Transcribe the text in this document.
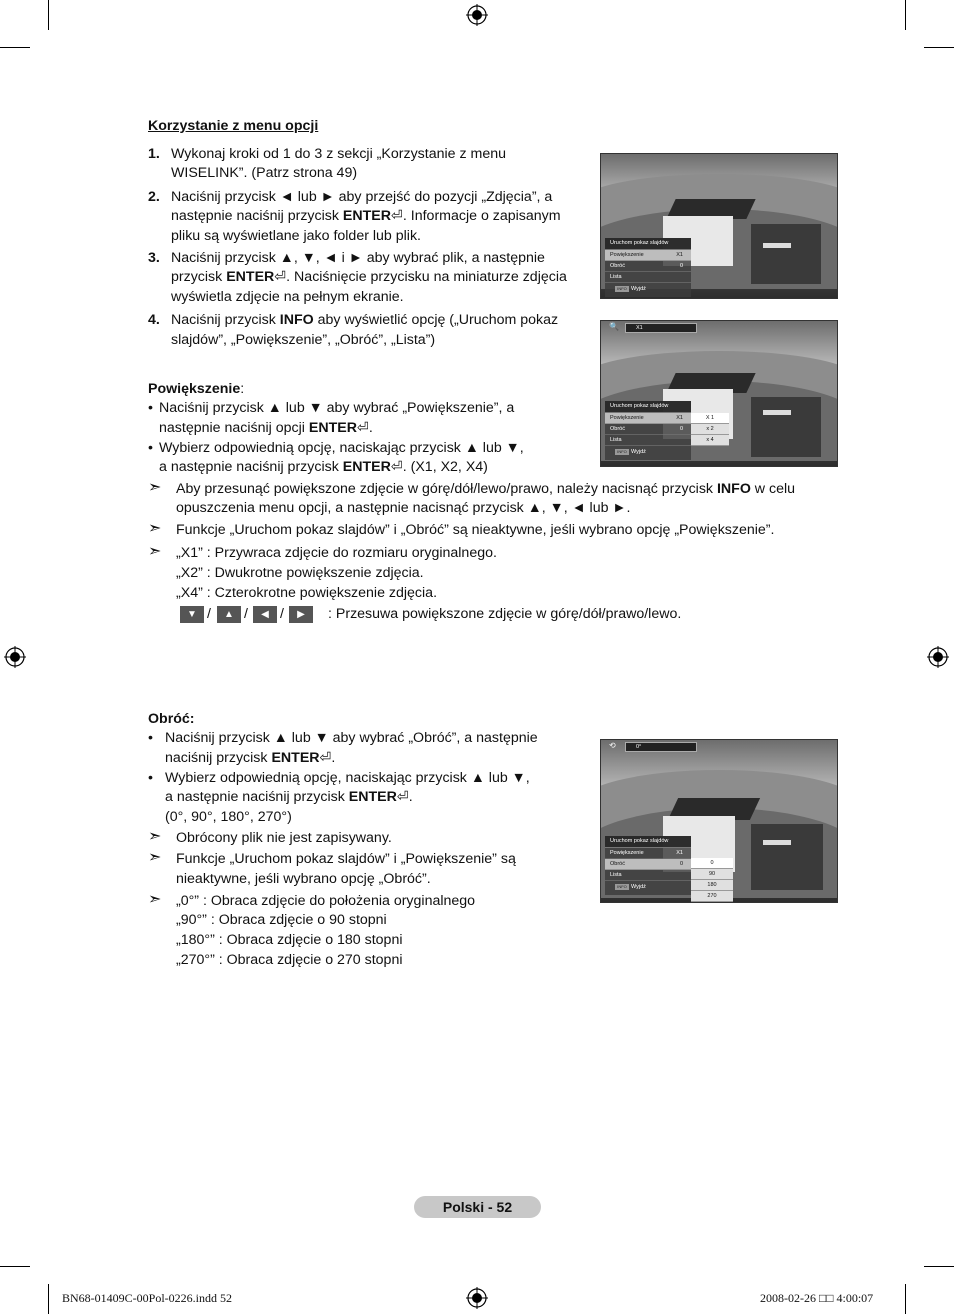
Korzystanie z menu opcji
1. Wykonaj kroki od 1 do 3 z sekcji „Korzystanie z menu
WISELINK”. (Patrz strona 49)
2. Naciśnij przycisk ◄ lub ► aby przejść do pozycji „Zdjęcia”, a
następnie naciśnij przycisk ENTER⏎. Informacje o zapisanym
pliku są wyświetlane jako folder lub plik.
3. Naciśnij przycisk ▲, ▼, ◄ i ► aby wybrać plik, a następnie
przycisk ENTER⏎. Naciśnięcie przycisku na miniaturze zdjęcia
wyświetla zdjęcie na pełnym ekranie.
4. Naciśnij przycisk INFO aby wyświetlić opcję („Uruchom pokaz
slajdów”, „Powiększenie”, „Obróć”, „Lista”)
Powiększenie:
• Naciśnij przycisk ▲ lub ▼ aby wybrać „Powiększenie”, a
następnie naciśnij opcji ENTER⏎.
• Wybierz odpowiednią opcję, naciskając przycisk ▲ lub ▼,
a następnie naciśnij przycisk ENTER⏎. (X1, X2, X4)
➣ Aby przesunąć powiększone zdjęcie w górę/dół/lewo/prawo, należy nacisnąć przycisk INFO w celu
opuszczenia menu opcji, a następnie nacisnąć przycisk ▲, ▼, ◄ lub ►.
➣ Funkcje „Uruchom pokaz slajdów” i „Obróć” są nieaktywne, jeśli wybrano opcję „Powiększenie”.
➣ „X1” : Przywraca zdjęcie do rozmiaru oryginalnego.
„X2” : Dwukrotne powiększenie zdjęcia.
„X4” : Czterokrotne powiększenie zdjęcia.
▼ /	▲ /	◀ /	▶	: Przesuwa powiększone zdjęcie w górę/dół/prawo/lewo.
Obróć:
• Naciśnij przycisk ▲ lub ▼ aby wybrać „Obróć”, a następnie
naciśnij przycisk ENTER⏎.
• Wybierz odpowiednią opcję, naciskając przycisk ▲ lub ▼,
a następnie naciśnij przycisk ENTER⏎.
(0°, 90°, 180°, 270°)
➣ Obrócony plik nie jest zapisywany.
➣ Funkcje „Uruchom pokaz slajdów” i „Powiększenie” są
nieaktywne, jeśli wybrano opcję „Obróć”.
➣ „0°” : Obraca zdjęcie do położenia oryginalnego
„90°” : Obraca zdjęcie o 90 stopni
„180°” : Obraca zdjęcie o 180 stopni
„270°” : Obraca zdjęcie o 270 stopni
Uruchom pokaz slajdów
Powiększenie	X1
Obróć	0
Lista
INFO Wyjdź
🔍	X1
Uruchom pokaz slajdów
Powiększenie	X1
Obróć	0
Lista
INFO Wyjdź
X 1
x 2
x 4
⟲	0°
Uruchom pokaz slajdów
Powiększenie	X1
Obróć	0
Lista
INFO Wyjdź
0
90
180
270
Polski - 52
BN68-01409C-00Pol-0226.indd 52	2008-02-26 □□ 4:00:07
